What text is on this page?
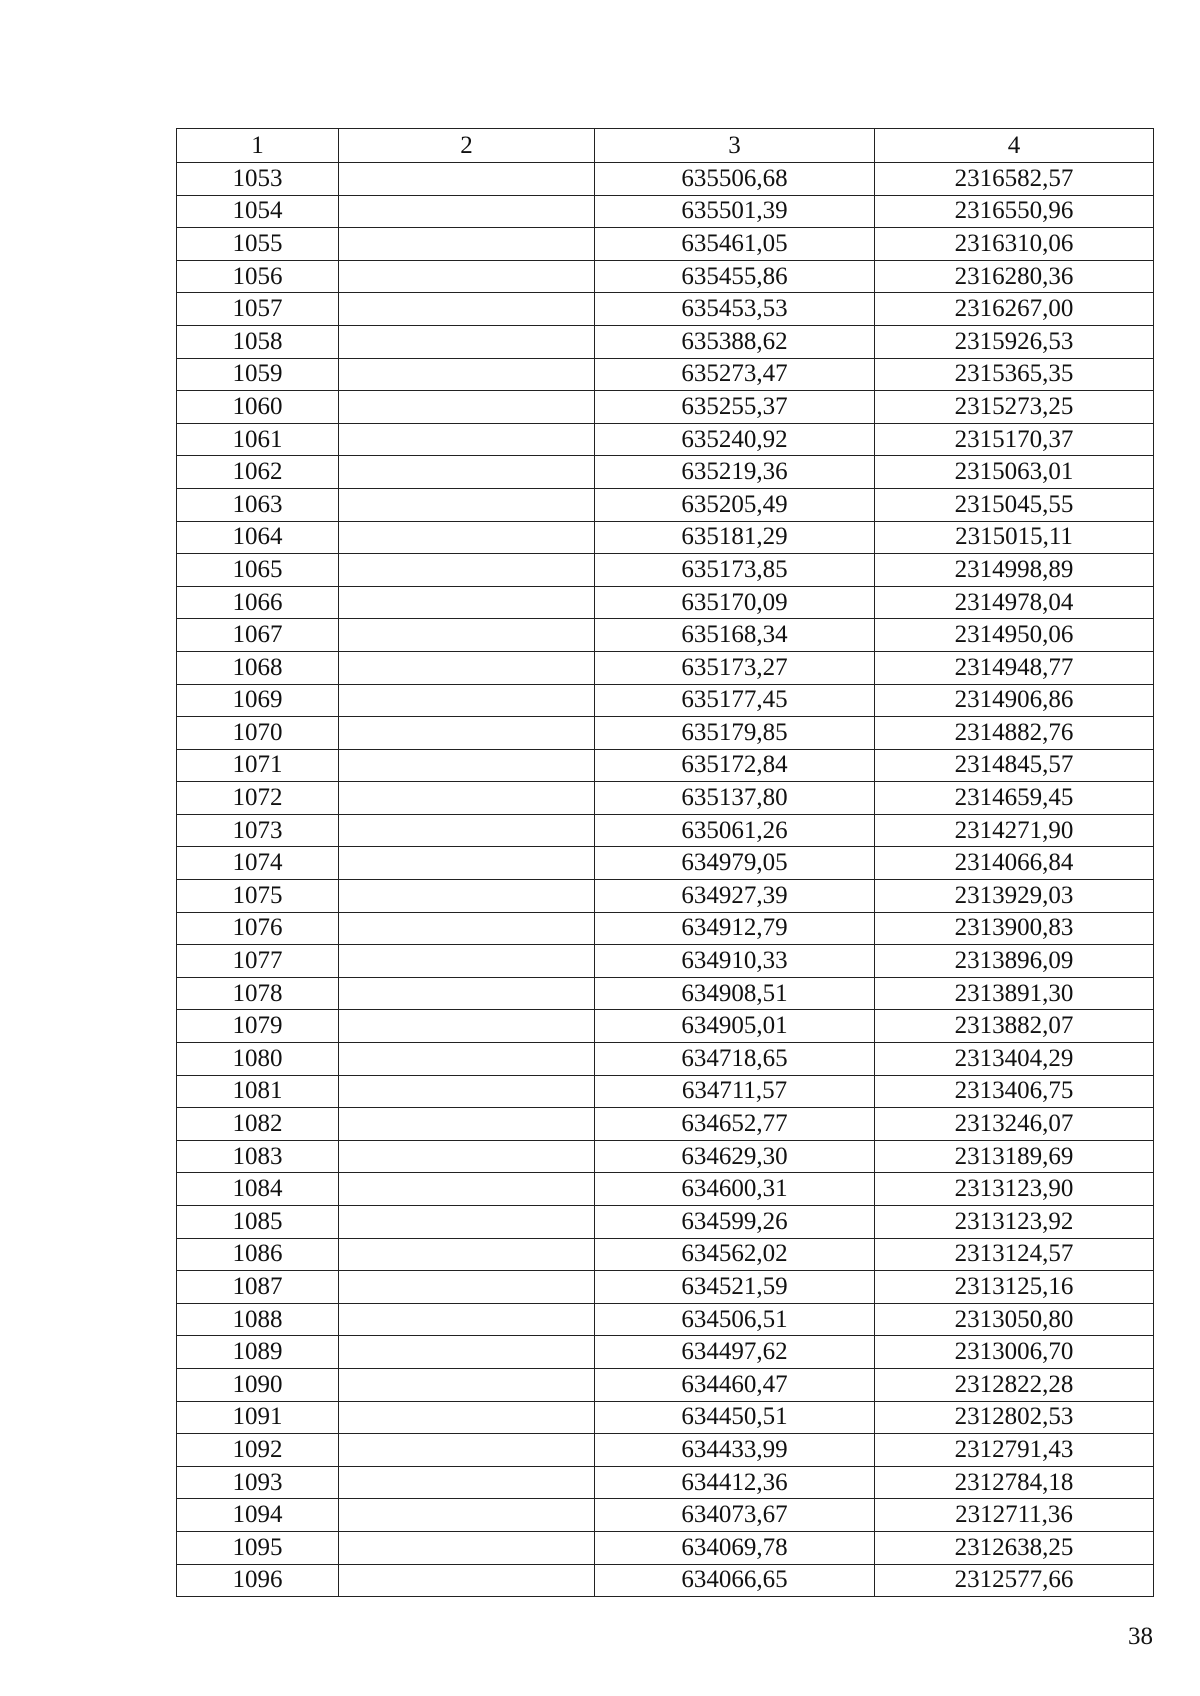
1	2	3	4
1053		635506,68	2316582,57
1054		635501,39	2316550,96
1055		635461,05	2316310,06
1056		635455,86	2316280,36
1057		635453,53	2316267,00
1058		635388,62	2315926,53
1059		635273,47	2315365,35
1060		635255,37	2315273,25
1061		635240,92	2315170,37
1062		635219,36	2315063,01
1063		635205,49	2315045,55
1064		635181,29	2315015,11
1065		635173,85	2314998,89
1066		635170,09	2314978,04
1067		635168,34	2314950,06
1068		635173,27	2314948,77
1069		635177,45	2314906,86
1070		635179,85	2314882,76
1071		635172,84	2314845,57
1072		635137,80	2314659,45
1073		635061,26	2314271,90
1074		634979,05	2314066,84
1075		634927,39	2313929,03
1076		634912,79	2313900,83
1077		634910,33	2313896,09
1078		634908,51	2313891,30
1079		634905,01	2313882,07
1080		634718,65	2313404,29
1081		634711,57	2313406,75
1082		634652,77	2313246,07
1083		634629,30	2313189,69
1084		634600,31	2313123,90
1085		634599,26	2313123,92
1086		634562,02	2313124,57
1087		634521,59	2313125,16
1088		634506,51	2313050,80
1089		634497,62	2313006,70
1090		634460,47	2312822,28
1091		634450,51	2312802,53
1092		634433,99	2312791,43
1093		634412,36	2312784,18
1094		634073,67	2312711,36
1095		634069,78	2312638,25
1096		634066,65	2312577,66
38
